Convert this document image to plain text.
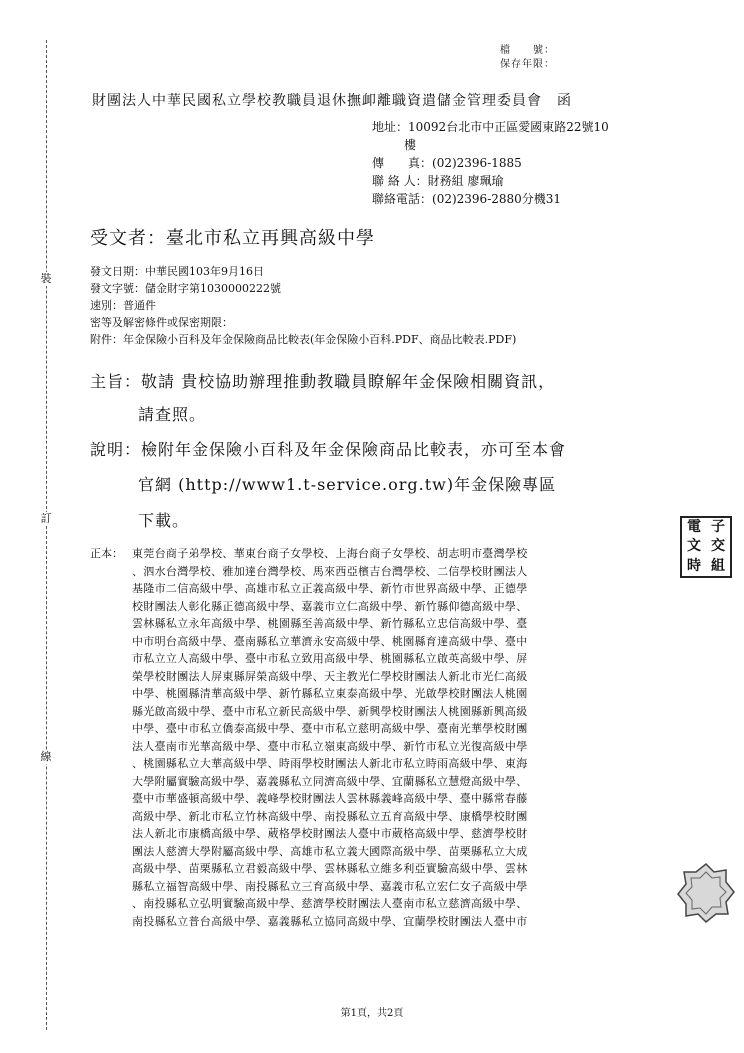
裝
訂
線
檔　　號：
保存年限：
財團法人中華民國私立學校教職員退休撫卹離職資遣儲金管理委員會　函
地址：10092台北市中正區愛國東路22號10
樓
傳　　真：(02)2396-1885
聯 絡 人：財務組 廖珮瑜
聯絡電話：(02)2396-2880分機31
受文者：臺北市私立再興高級中學
發文日期：中華民國103年9月16日
發文字號：儲金財字第1030000222號
速別：普通件
密等及解密條件或保密期限：
附件：年金保險小百科及年金保險商品比較表(年金保險小百科.PDF、商品比較表.PDF)
主旨：敬請 貴校協助辦理推動教職員瞭解年金保險相關資訊，
請查照。
說明：檢附年金保險小百科及年金保險商品比較表，亦可至本會
官網 (http://www1.t-service.org.tw)年金保險專區
下載。
正本： 東莞台商子弟學校、華東台商子女學校、上海台商子女學校、胡志明市臺灣學校
、泗水台灣學校、雅加達台灣學校、馬來西亞檳吉台灣學校、二信學校財團法人
基隆市二信高級中學、高雄市私立正義高級中學、新竹市世界高級中學、正德學
校財團法人彰化縣正德高級中學、嘉義市立仁高級中學、新竹縣仰德高級中學、
雲林縣私立永年高級中學、桃園縣至善高級中學、新竹縣私立忠信高級中學、臺
中市明台高級中學、臺南縣私立華濟永安高級中學、桃園縣育達高級中學、臺中
市私立立人高級中學、臺中市私立致用高級中學、桃園縣私立啟英高級中學、屏
榮學校財團法人屏東縣屏榮高級中學、天主教光仁學校財團法人新北市光仁高級
中學、桃園縣清華高級中學、新竹縣私立東泰高級中學、光啟學校財團法人桃園
縣光啟高級中學、臺中市私立新民高級中學、新興學校財團法人桃園縣新興高級
中學、臺中市私立僑泰高級中學、臺中市私立慈明高級中學、臺南光華學校財團
法人臺南市光華高級中學、臺中市私立嶺東高級中學、新竹市私立光復高級中學
、桃園縣私立大華高級中學、時雨學校財團法人新北市私立時雨高級中學、東海
大學附屬實驗高級中學、嘉義縣私立同濟高級中學、宜蘭縣私立慧燈高級中學、
臺中市華盛頓高級中學、義峰學校財團法人雲林縣義峰高級中學、臺中縣常春藤
高級中學、新北市私立竹林高級中學、南投縣私立五育高級中學、康橋學校財團
法人新北市康橋高級中學、葳格學校財團法人臺中市葳格高級中學、慈濟學校財
團法人慈濟大學附屬高級中學、高雄市私立義大國際高級中學、苗栗縣私立大成
高級中學、苗栗縣私立君毅高級中學、雲林縣私立維多利亞實驗高級中學、雲林
縣私立福智高級中學、南投縣私立三育高級中學、嘉義市私立宏仁女子高級中學
、南投縣私立弘明實驗高級中學、慈濟學校財團法人臺南市私立慈濟高級中學、
南投縣私立普台高級中學、嘉義縣私立協同高級中學、宜蘭學校財團法人臺中市
電 子
文 交
時 組
第1頁，共2頁
